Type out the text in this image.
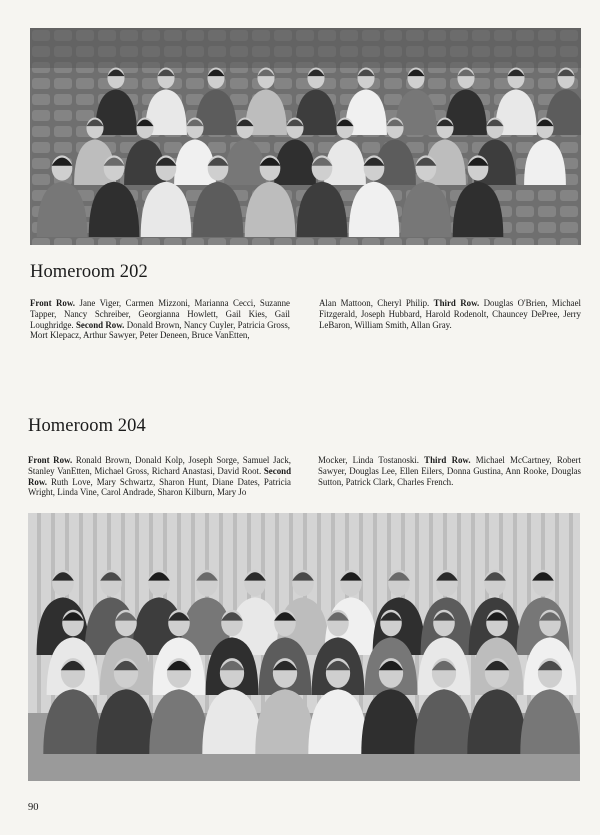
Homeroom 202

Front Row. Jane Viger, Carmen Mizzoni, Marianna Cecci, Suzanne Tapper, Nancy Schreiber, Georgianna Howlett, Gail Kies, Gail Loughridge. Second Row. Donald Brown, Nancy Cuyler, Patricia Gross, Mort Klepacz, Arthur Sawyer, Peter Deneen, Bruce VanEtten,

Alan Mattoon, Cheryl Philip. Third Row. Douglas O'Brien, Michael Fitzgerald, Joseph Hubbard, Harold Rodenolt, Chauncey DePree, Jerry LeBaron, William Smith, Allan Gray.

Homeroom 204

Front Row. Ronald Brown, Donald Kolp, Joseph Sorge, Samuel Jack, Stanley VanEtten, Michael Gross, Richard Anastasi, David Root. Second Row. Ruth Love, Mary Schwartz, Sharon Hunt, Diane Dates, Patricia Wright, Linda Vine, Carol Andrade, Sharon Kilburn, Mary Jo

Mocker, Linda Tostanoski. Third Row. Michael McCartney, Robert Sawyer, Douglas Lee, Ellen Eilers, Donna Gustina, Ann Rooke, Douglas Sutton, Patrick Clark, Charles French.

90
